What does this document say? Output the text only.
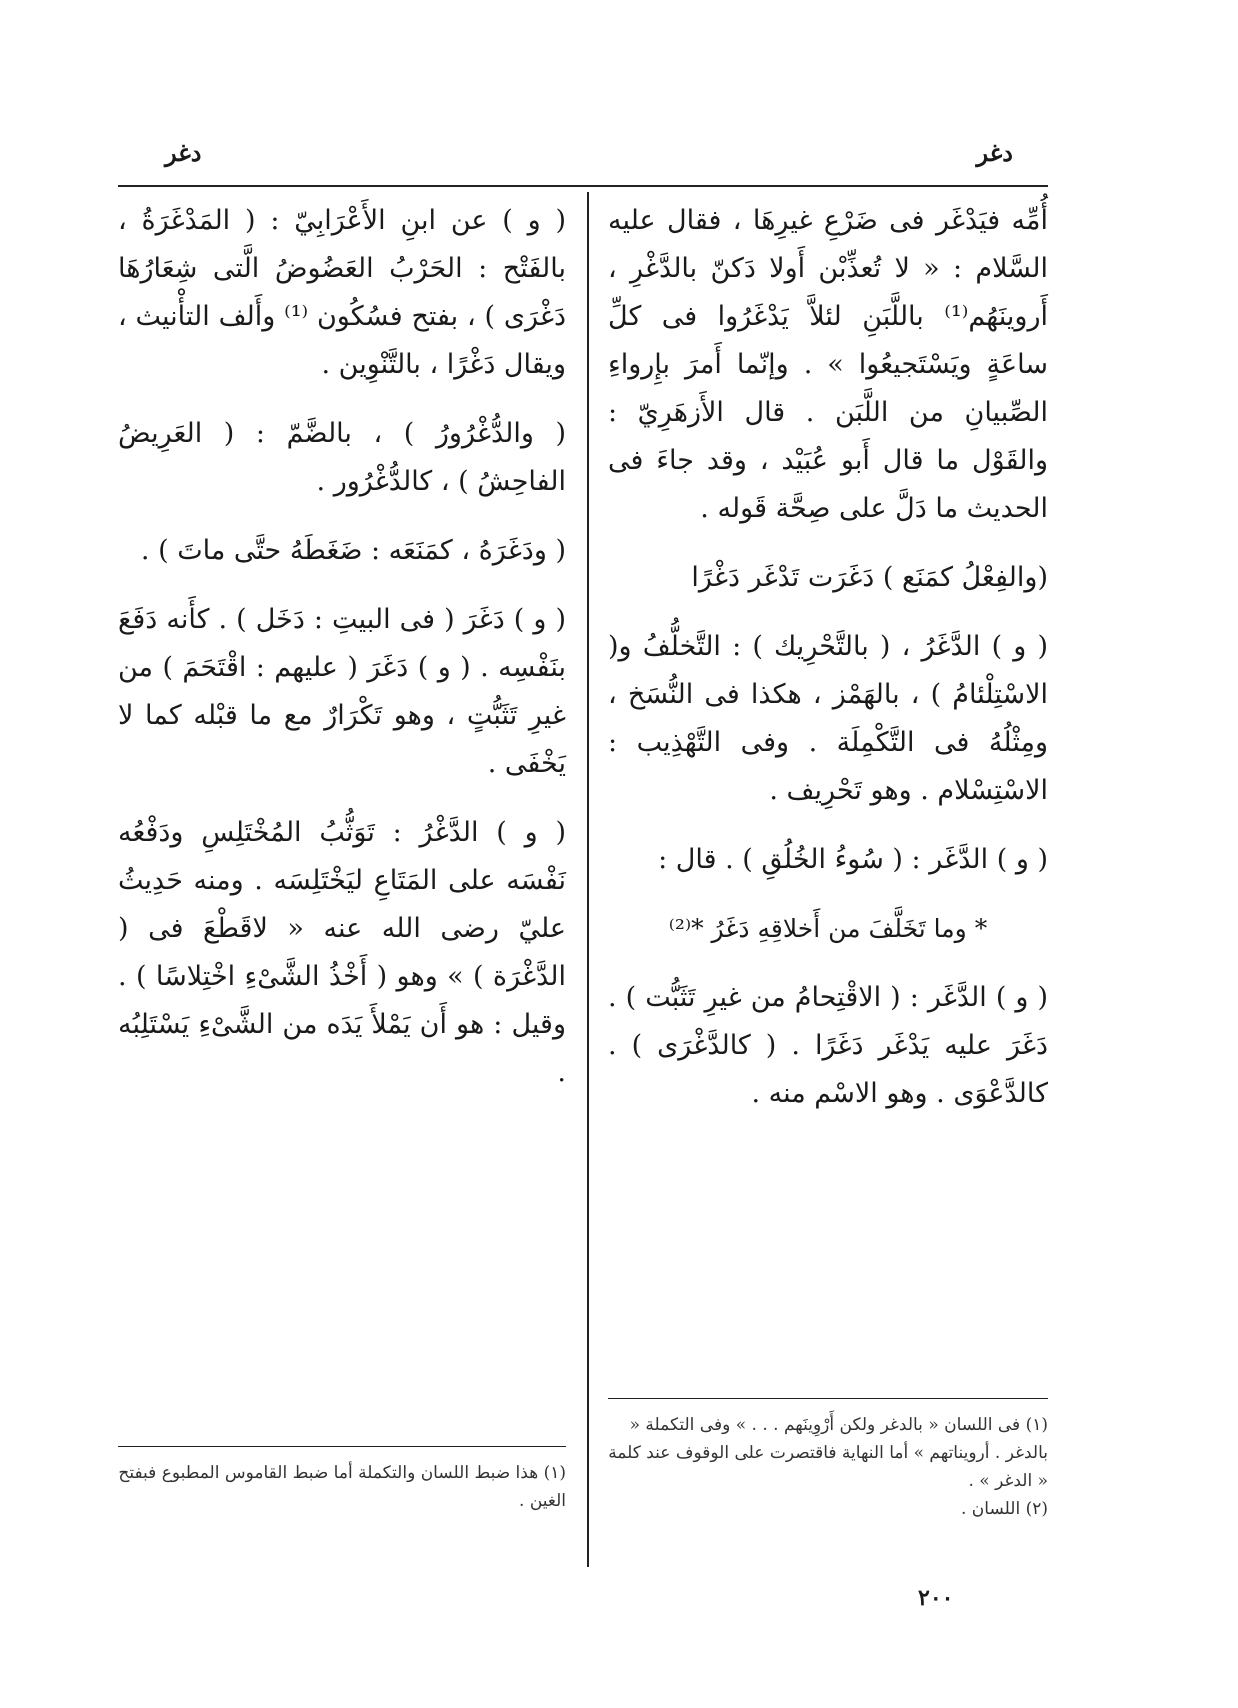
دغر
دغر

أُمِّه فيَدْغَر فى ضَرْعِ غيرِهَا ، فقال عليه السَّلام : « لا تُعذِّبْن أَولا دَكنّ بالدَّغْرِ ، أَروينَهُم⁽¹⁾ باللَّبَنِ لئلاَّ يَدْغَرُوا فى كلِّ ساعَةٍ ويَسْتَجيعُوا » . وإنّما أَمرَ بإِرواءِ الصِّبيانِ من اللَّبَن . قال الأَزهَرِيّ : والقَوْل ما قال أَبو عُبَيْد ، وقد جاءَ فى الحديث ما دَلَّ على صِحَّة قَوله .

(والفِعْلُ كمَنَع ) دَغَرَت تَدْغَر دَغْرًا

( و ) الدَّغَرُ ، ( بالتَّحْرِيك ) : التَّخلُّفُ و( الاسْتِلْئامُ ) ، بالهَمْز ، هكذا فى النُّسَخ ، ومِثْلُهُ فى التَّكْمِلَة . وفى التَّهْذِيب : الاسْتِسْلام . وهو تَحْرِيف .

( و ) الدَّغَر : ( سُوءُ الخُلُقِ ) . قال :

* وما تَخَلَّفَ من أَخلاقِهِ دَغَرُ *⁽²⁾

( و ) الدَّغَر : ( الاقْتِحامُ من غيرِ تَثَبُّت ) . دَغَرَ عليه يَدْغَر دَغَرًا . ( كالدَّغْرَى ) . كالدَّعْوَى . وهو الاسْم منه .

(١) فى اللسان « بالدغر ولكن أَرْوِينَهم . . . » وفى التكملة « بالدغر . أرويناتهم » أما النهاية فاقتصرت على الوقوف عند كلمة « الدغر » .

(٢) اللسان .

( و ) عن ابنِ الأَعْرَابِيّ : ( المَدْغَرَةُ ، بالفَتْح : الحَرْبُ العَضُوضُ الَّتى شِعَارُهَا دَغْرَى ) ، بفتح فسُكُون ⁽¹⁾ وأَلف التأْنيث ، ويقال دَغْرًا ، بالتَّنْوِين .

( والدُّغْرُورُ ) ، بالضَّمّ : ( العَرِيضُ الفاحِشُ ) ، كالدُّغْرُور .

( ودَغَرَهُ ، كمَنَعَه : ضَغَطَهُ حتَّى ماتَ ) .

( و ) دَغَرَ ( فى البيتِ : دَخَل ) . كأَنه دَفَعَ بنَفْسِه . ( و ) دَغَرَ ( عليهم : اقْتَحَمَ ) من غيرِ تَثَبُّتٍ ، وهو تَكْرَارٌ مع ما قبْله كما لا يَخْفَى .

( و ) الدَّغْرُ : تَوَثُّبُ المُخْتَلِسِ ودَفْعُه نَفْسَه على المَتَاعِ ليَخْتَلِسَه . ومنه حَدِيثُ عليّ رضى الله عنه « لاقَطْعَ فى ( الدَّغْرَة ) » وهو ( أَخْذُ الشَّىْءِ اخْتِلاسًا ) . وقيل : هو أَن يَمْلأَ يَدَه من الشَّىْءِ يَسْتَلِبُه .

(١) هذا ضبط اللسان والتكملة أما ضبط القاموس المطبوع فبفتح الغين .

٢٠٠
